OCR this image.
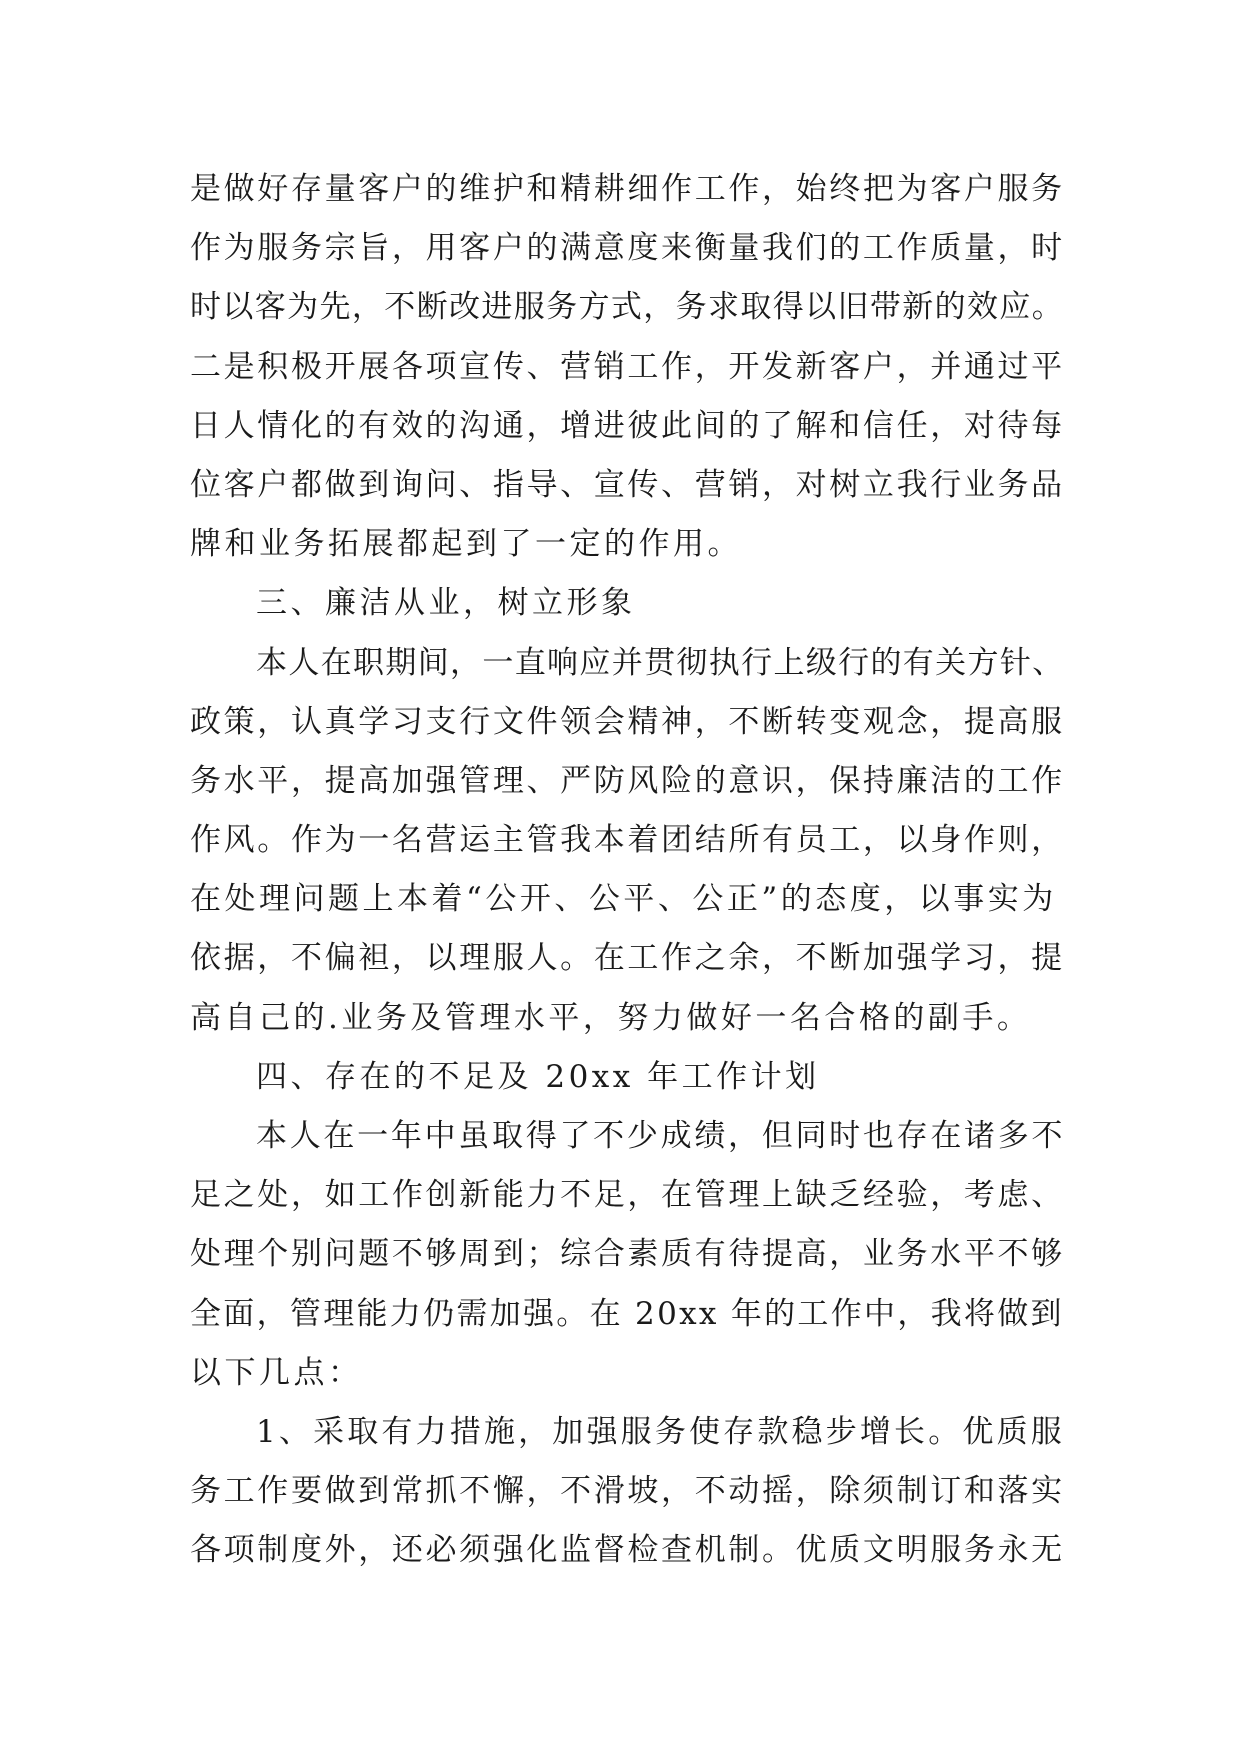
是做好存量客户的维护和精耕细作工作，始终把为客户服务
作为服务宗旨，用客户的满意度来衡量我们的工作质量，时
时以客为先，不断改进服务方式，务求取得以旧带新的效应。
二是积极开展各项宣传、营销工作，开发新客户，并通过平
日人情化的有效的沟通，增进彼此间的了解和信任，对待每
位客户都做到询问、指导、宣传、营销，对树立我行业务品
牌和业务拓展都起到了一定的作用。
三、廉洁从业，树立形象
本人在职期间，一直响应并贯彻执行上级行的有关方针、
政策，认真学习支行文件领会精神，不断转变观念，提高服
务水平，提高加强管理、严防风险的意识，保持廉洁的工作
作风。作为一名营运主管我本着团结所有员工，以身作则，
在处理问题上本着“公开、公平、公正”的态度，以事实为
依据，不偏袒，以理服人。在工作之余，不断加强学习，提
高自己的.业务及管理水平，努力做好一名合格的副手。
四、存在的不足及 20xx 年工作计划
本人在一年中虽取得了不少成绩，但同时也存在诸多不
足之处，如工作创新能力不足，在管理上缺乏经验，考虑、
处理个别问题不够周到；综合素质有待提高，业务水平不够
全面，管理能力仍需加强。在 20xx 年的工作中，我将做到
以下几点：
1、采取有力措施，加强服务使存款稳步增长。优质服
务工作要做到常抓不懈，不滑坡，不动摇，除须制订和落实
各项制度外，还必须强化监督检查机制。优质文明服务永无
